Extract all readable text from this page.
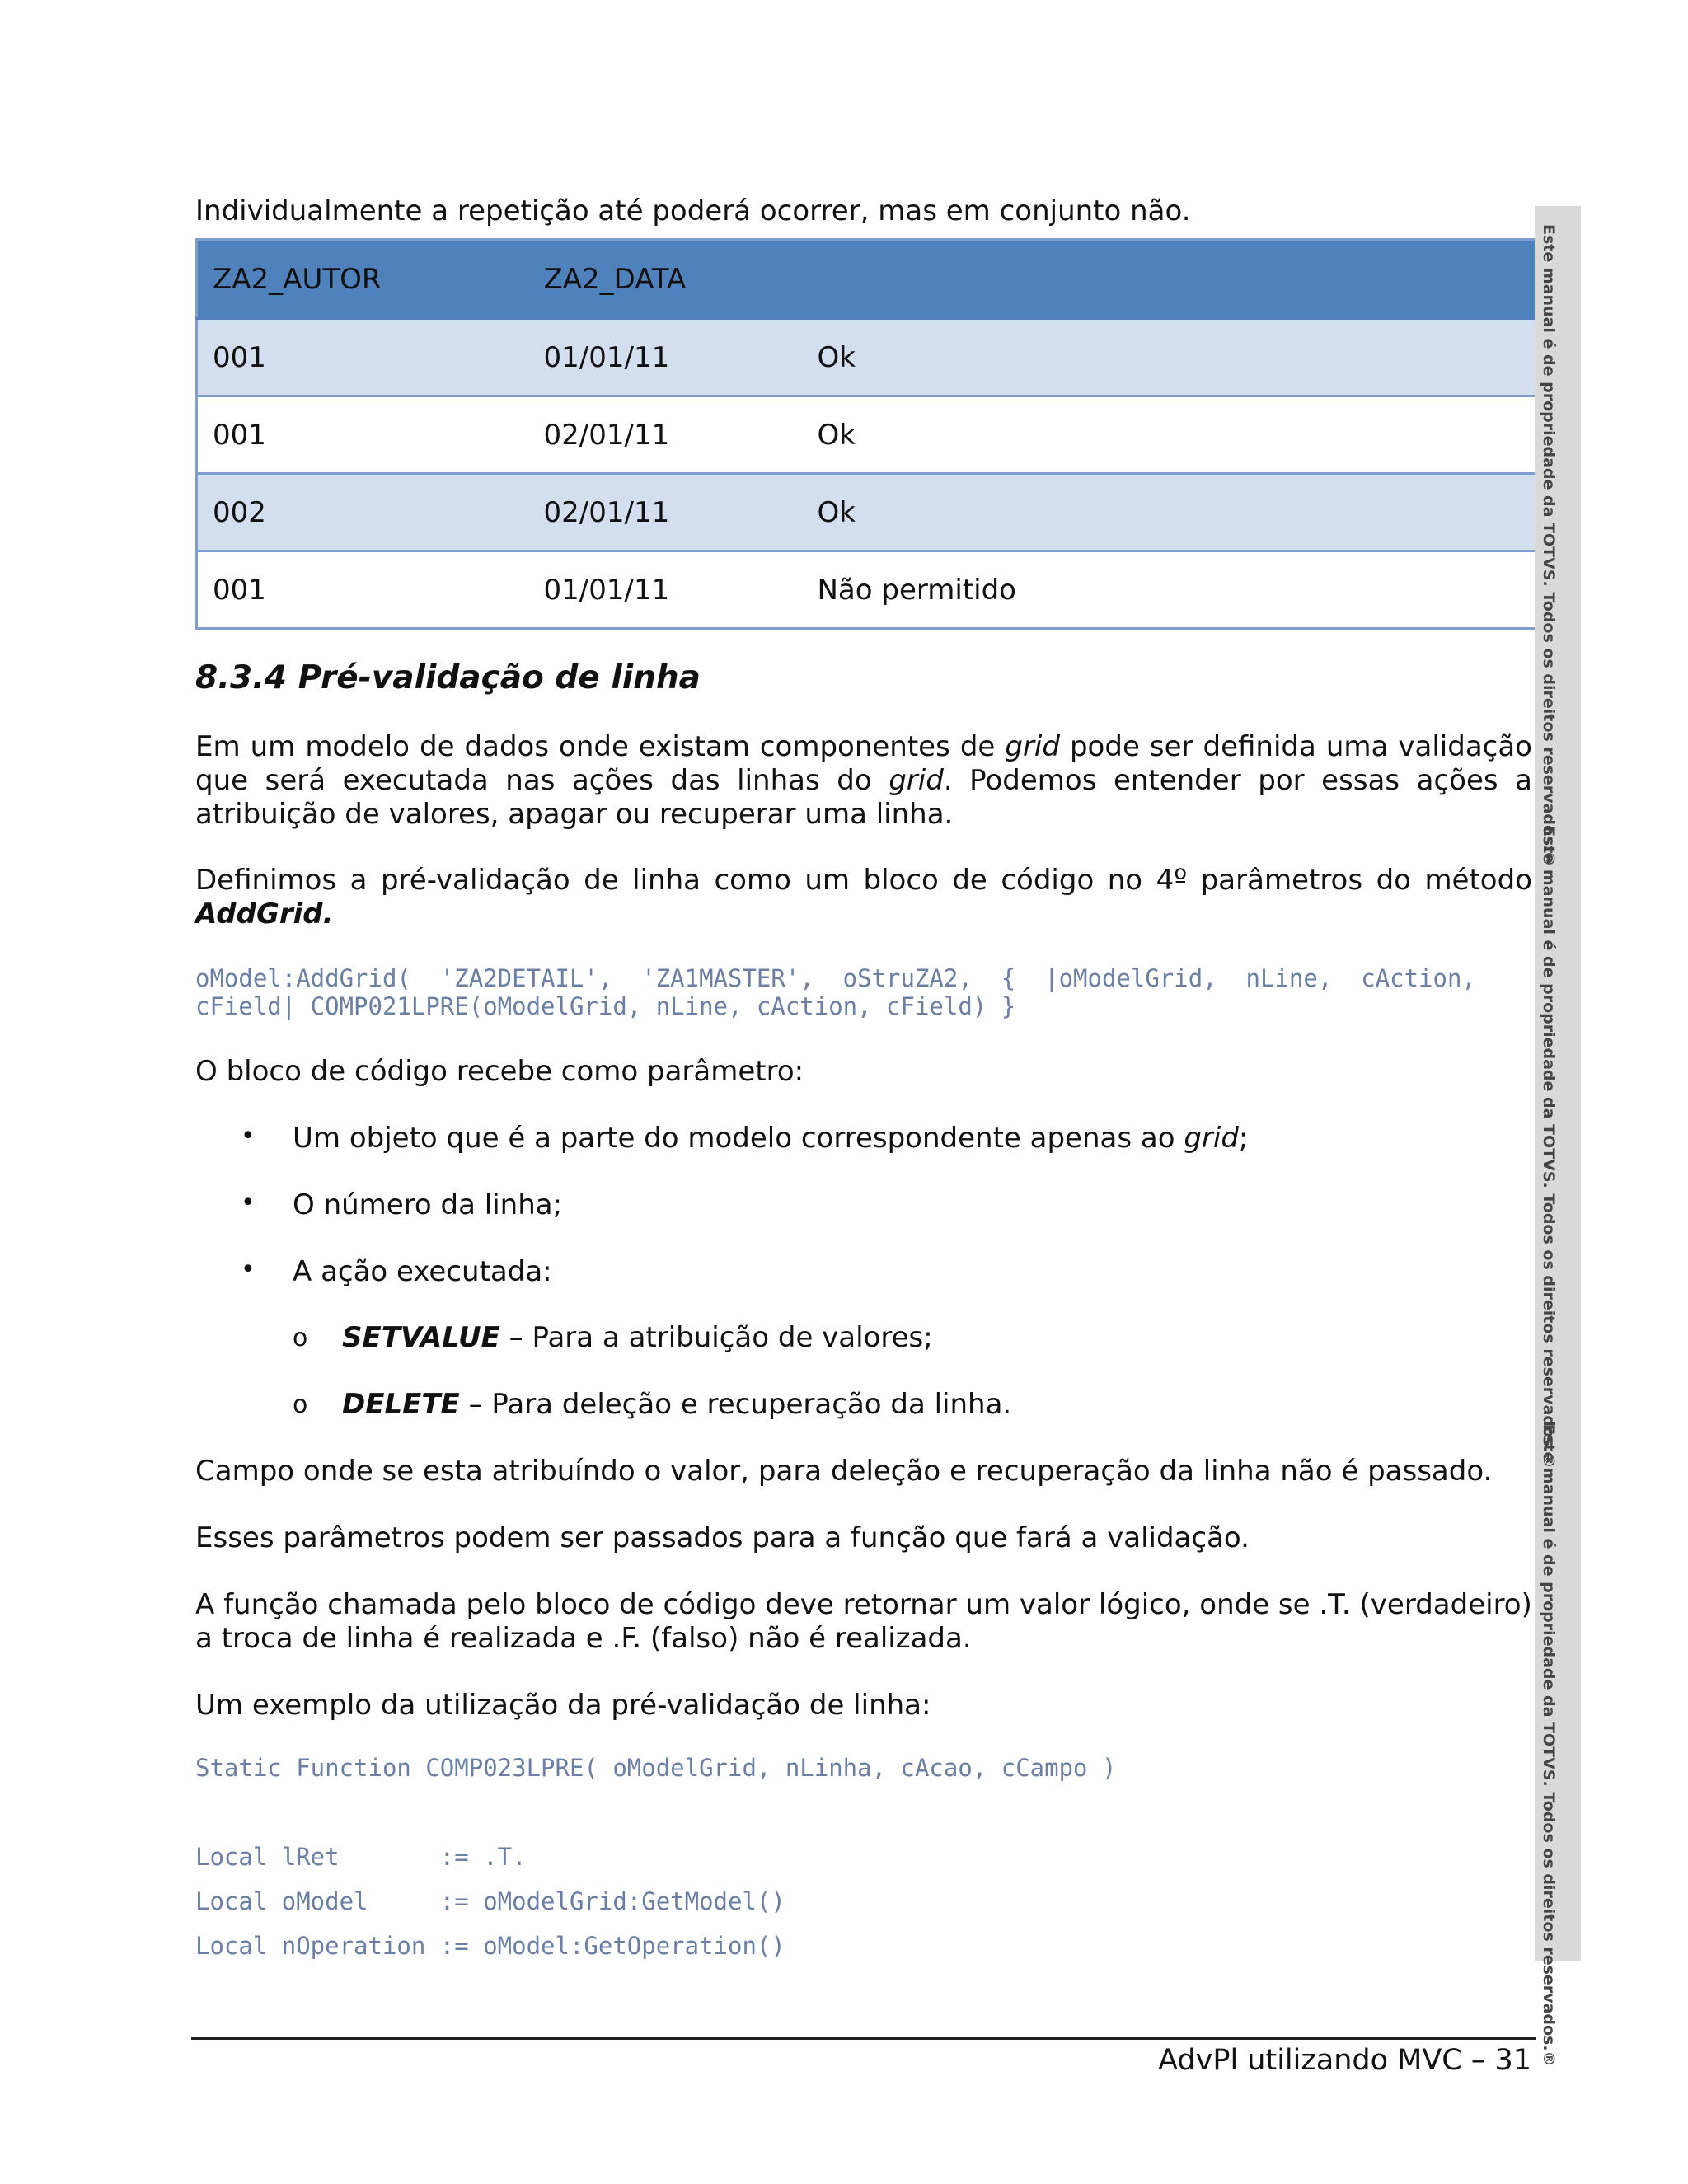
Individualmente a repetição até poderá ocorrer, mas em conjunto não.
ZA2_AUTOR	ZA2_DATA	
001	01/01/11	Ok
001	02/01/11	Ok
002	02/01/11	Ok
001	01/01/11	Não permitido
8.3.4 Pré-validação de linha
Em um modelo de dados onde existam componentes de grid pode ser definida uma validação que será executada nas ações das linhas do grid. Podemos entender por essas ações a atribuição de valores, apagar ou recuperar uma linha.
Definimos a pré-validação de linha como um bloco de código no 4º parâmetros do método AddGrid.
oModel:AddGrid(  'ZA2DETAIL',  'ZA1MASTER',  oStruZA2,  {  |oModelGrid,  nLine,  cAction,
cField| COMP021LPRE(oModelGrid, nLine, cAction, cField) }
O bloco de código recebe como parâmetro:
• Um objeto que é a parte do modelo correspondente apenas ao grid;
• O número da linha;
• A ação executada:
o SETVALUE – Para a atribuição de valores;
o DELETE – Para deleção e recuperação da linha.
Campo onde se esta atribuíndo o valor, para deleção e recuperação da linha não é passado.
Esses parâmetros podem ser passados para a função que fará a validação.
A função chamada pelo bloco de código deve retornar um valor lógico, onde se .T. (verdadeiro) a troca de linha é realizada e .F. (falso) não é realizada.
Um exemplo da utilização da pré-validação de linha:
Static Function COMP023LPRE( oModelGrid, nLinha, cAcao, cCampo )
Local lRet       := .T.
Local oModel     := oModelGrid:GetModel()
Local nOperation := oModel:GetOperation()
Este manual é de propriedade da TOTVS. Todos os direitos reservados.®
Este manual é de propriedade da TOTVS. Todos os direitos reservados.®
Este manual é de propriedade da TOTVS. Todos os direitos reservados.®
AdvPl utilizando MVC – 31
